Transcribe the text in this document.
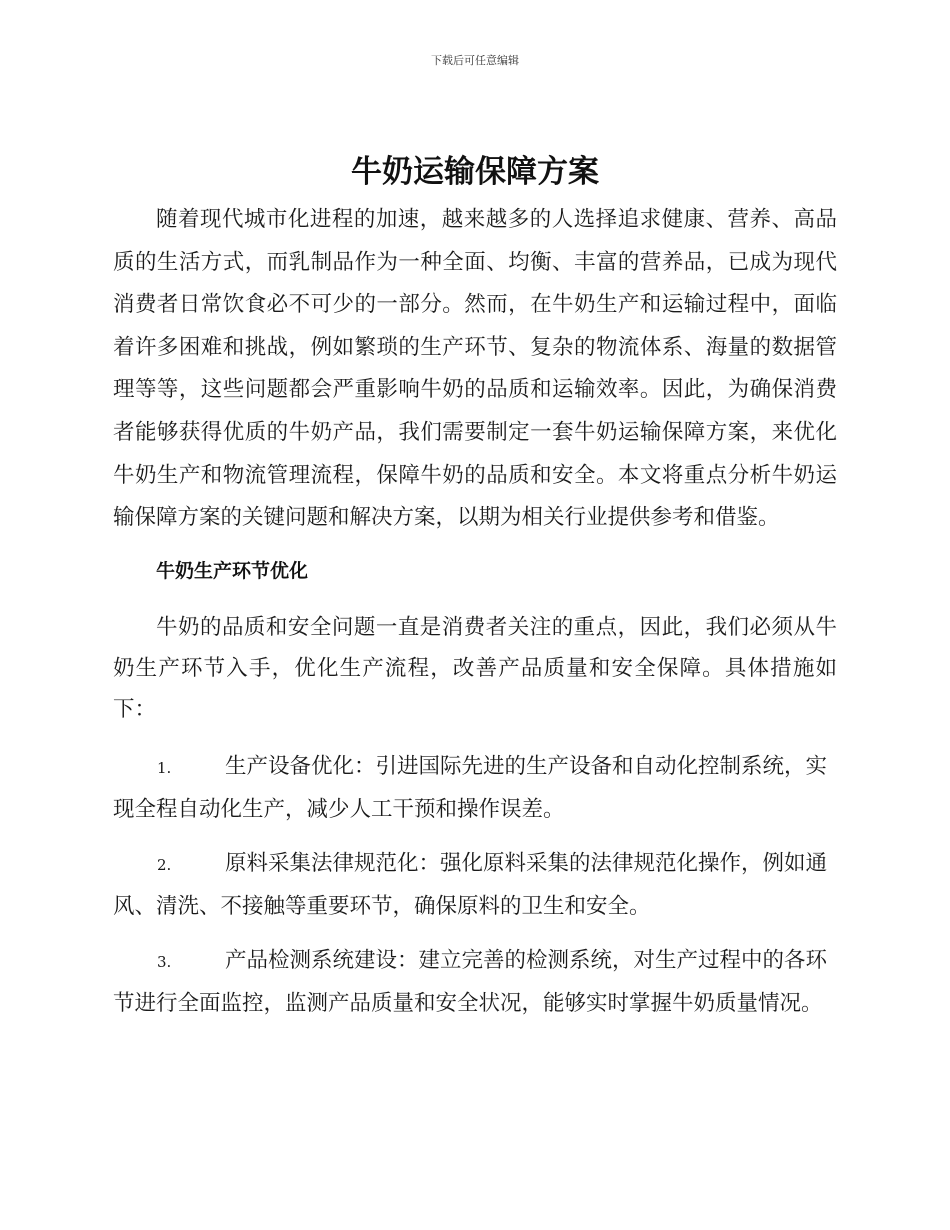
下载后可任意编辑
牛奶运输保障方案

随着现代城市化进程的加速，越来越多的人选择追求健康、营养、高品质的生活方式，而乳制品作为一种全面、均衡、丰富的营养品，已成为现代消费者日常饮食必不可少的一部分。然而，在牛奶生产和运输过程中，面临着许多困难和挑战，例如繁琐的生产环节、复杂的物流体系、海量的数据管理等等，这些问题都会严重影响牛奶的品质和运输效率。因此，为确保消费者能够获得优质的牛奶产品，我们需要制定一套牛奶运输保障方案，来优化牛奶生产和物流管理流程，保障牛奶的品质和安全。本文将重点分析牛奶运输保障方案的关键问题和解决方案，以期为相关行业提供参考和借鉴。

牛奶生产环节优化

牛奶的品质和安全问题一直是消费者关注的重点，因此，我们必须从牛奶生产环节入手，优化生产流程，改善产品质量和安全保障。具体措施如下：

1. 生产设备优化：引进国际先进的生产设备和自动化控制系统，实现全程自动化生产，减少人工干预和操作误差。

2. 原料采集法律规范化：强化原料采集的法律规范化操作，例如通风、清洗、不接触等重要环节，确保原料的卫生和安全。

3. 产品检测系统建设：建立完善的检测系统，对生产过程中的各环节进行全面监控，监测产品质量和安全状况，能够实时掌握牛奶质量情况。
